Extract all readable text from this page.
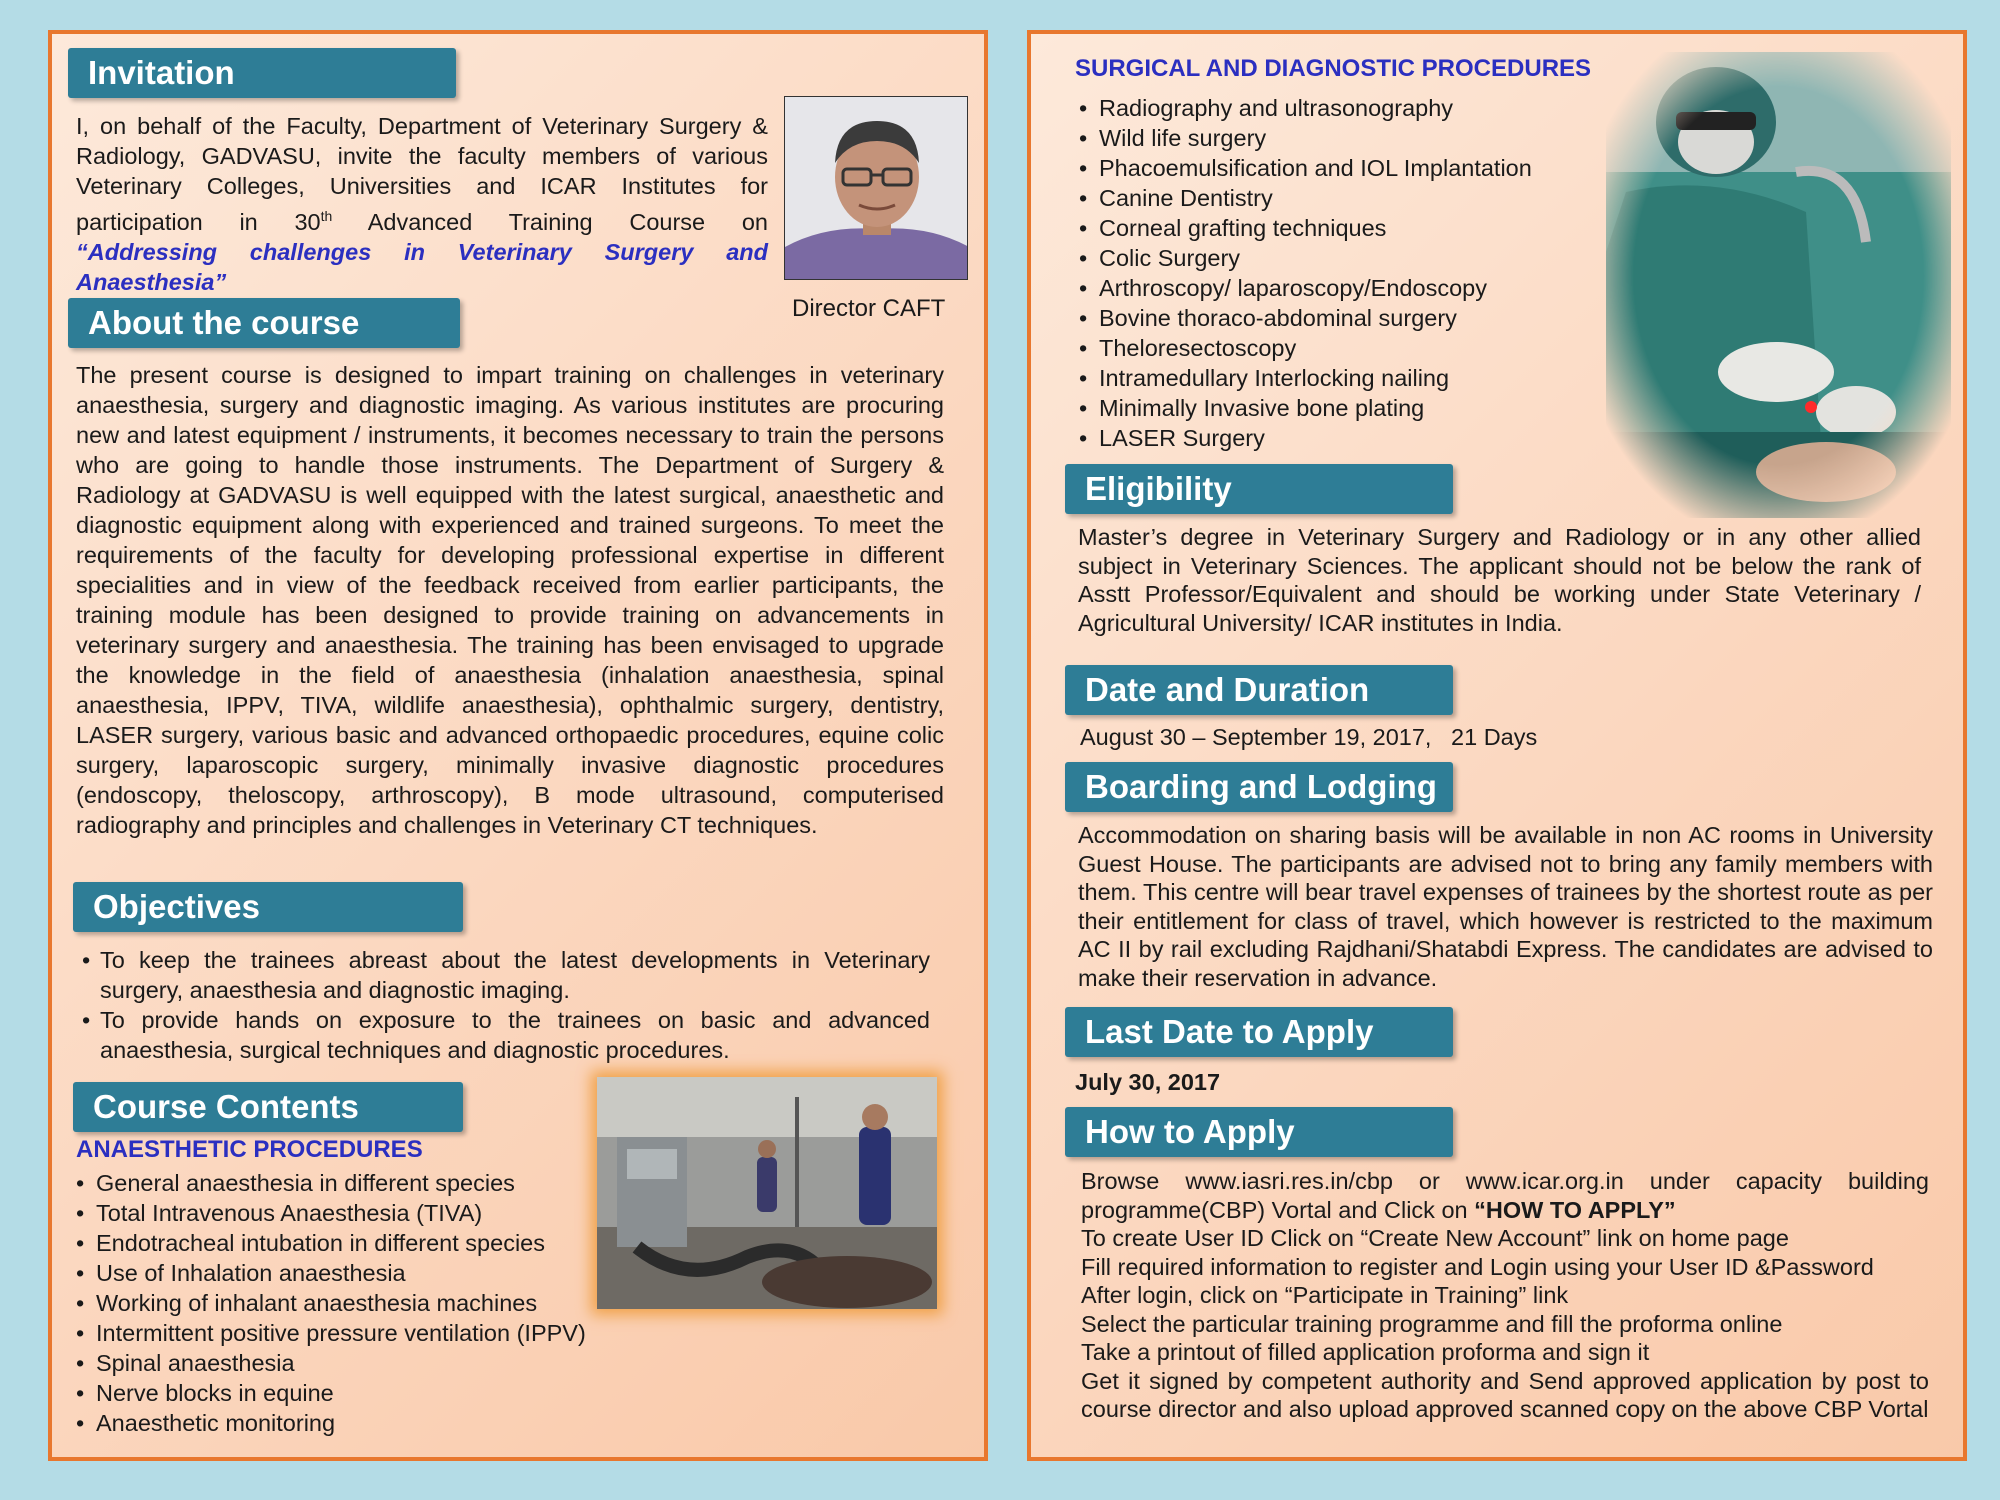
Invitation
I, on behalf of the Faculty, Department of Veterinary Surgery &
Radiology, GADVASU, invite the faculty members of various
Veterinary Colleges, Universities and ICAR Institutes for
participation in 30th Advanced Training Course on
“Addressing challenges in Veterinary Surgery and
Anaesthesia”
Director CAFT
About the course
The present course is designed to impart training on challenges in veterinary anaesthesia, surgery and diagnostic imaging. As various institutes are procuring new and latest equipment / instruments, it becomes necessary to train the persons who are going to handle those instruments. The Department of Surgery & Radiology at GADVASU is well equipped with the latest surgical, anaesthetic and diagnostic equipment along with experienced and trained surgeons. To meet the requirements of the faculty for developing professional expertise in different specialities and in view of the feedback received from earlier participants, the training module has been designed to provide training on advancements in veterinary surgery and anaesthesia. The training has been envisaged to upgrade the knowledge in the field of anaesthesia (inhalation anaesthesia, spinal anaesthesia, IPPV, TIVA, wildlife anaesthesia), ophthalmic surgery, dentistry, LASER surgery, various basic and advanced orthopaedic procedures, equine colic surgery, laparoscopic surgery, minimally invasive diagnostic procedures (endoscopy, theloscopy, arthroscopy), B mode ultrasound, computerised radiography and principles and challenges in Veterinary CT techniques.
Objectives
• To keep the trainees abreast about the latest developments in Veterinary surgery, anaesthesia and diagnostic imaging.
• To provide hands on exposure to the trainees on basic and advanced anaesthesia, surgical techniques and diagnostic procedures.
Course Contents
ANAESTHETIC PROCEDURES
• General anaesthesia in different species
• Total Intravenous Anaesthesia (TIVA)
• Endotracheal intubation in different species
• Use of Inhalation anaesthesia
• Working of inhalant anaesthesia machines
• Intermittent positive pressure ventilation (IPPV)
• Spinal anaesthesia
• Nerve blocks in equine
• Anaesthetic monitoring
SURGICAL AND DIAGNOSTIC PROCEDURES
• Radiography and ultrasonography
• Wild life surgery
• Phacoemulsification and IOL Implantation
• Canine Dentistry
• Corneal grafting techniques
• Colic Surgery
• Arthroscopy/ laparoscopy/Endoscopy
• Bovine thoraco-abdominal surgery
• Theloresectoscopy
• Intramedullary Interlocking nailing
• Minimally Invasive bone plating
• LASER Surgery
Eligibility
Master’s degree in Veterinary Surgery and Radiology or in any other allied subject in Veterinary Sciences. The applicant should not be below the rank of Asstt Professor/Equivalent and should be working under State Veterinary / Agricultural University/ ICAR institutes in India.
Date and Duration
August 30 – September 19, 2017,   21 Days
Boarding and Lodging
Accommodation on sharing basis will be available in non AC rooms in University Guest House. The participants are advised not to bring any family members with them. This centre will bear travel expenses of trainees by the shortest route as per their entitlement for class of travel, which however is restricted to the maximum AC II by rail excluding Rajdhani/Shatabdi Express. The candidates are advised to make their reservation in advance.
Last Date to Apply
July 30, 2017
How to Apply
Browse www.iasri.res.in/cbp or www.icar.org.in under capacity building programme(CBP) Vortal and Click on “HOW TO APPLY”
To create User ID Click on “Create New Account” link on home page
Fill required information to register and Login using your User ID &Password
After login, click on “Participate in Training” link
Select the particular training programme and fill the proforma online
Take a printout of filled application proforma and sign it
Get it signed by competent authority and Send approved application by post to course director and also upload approved scanned copy on the above CBP Vortal
